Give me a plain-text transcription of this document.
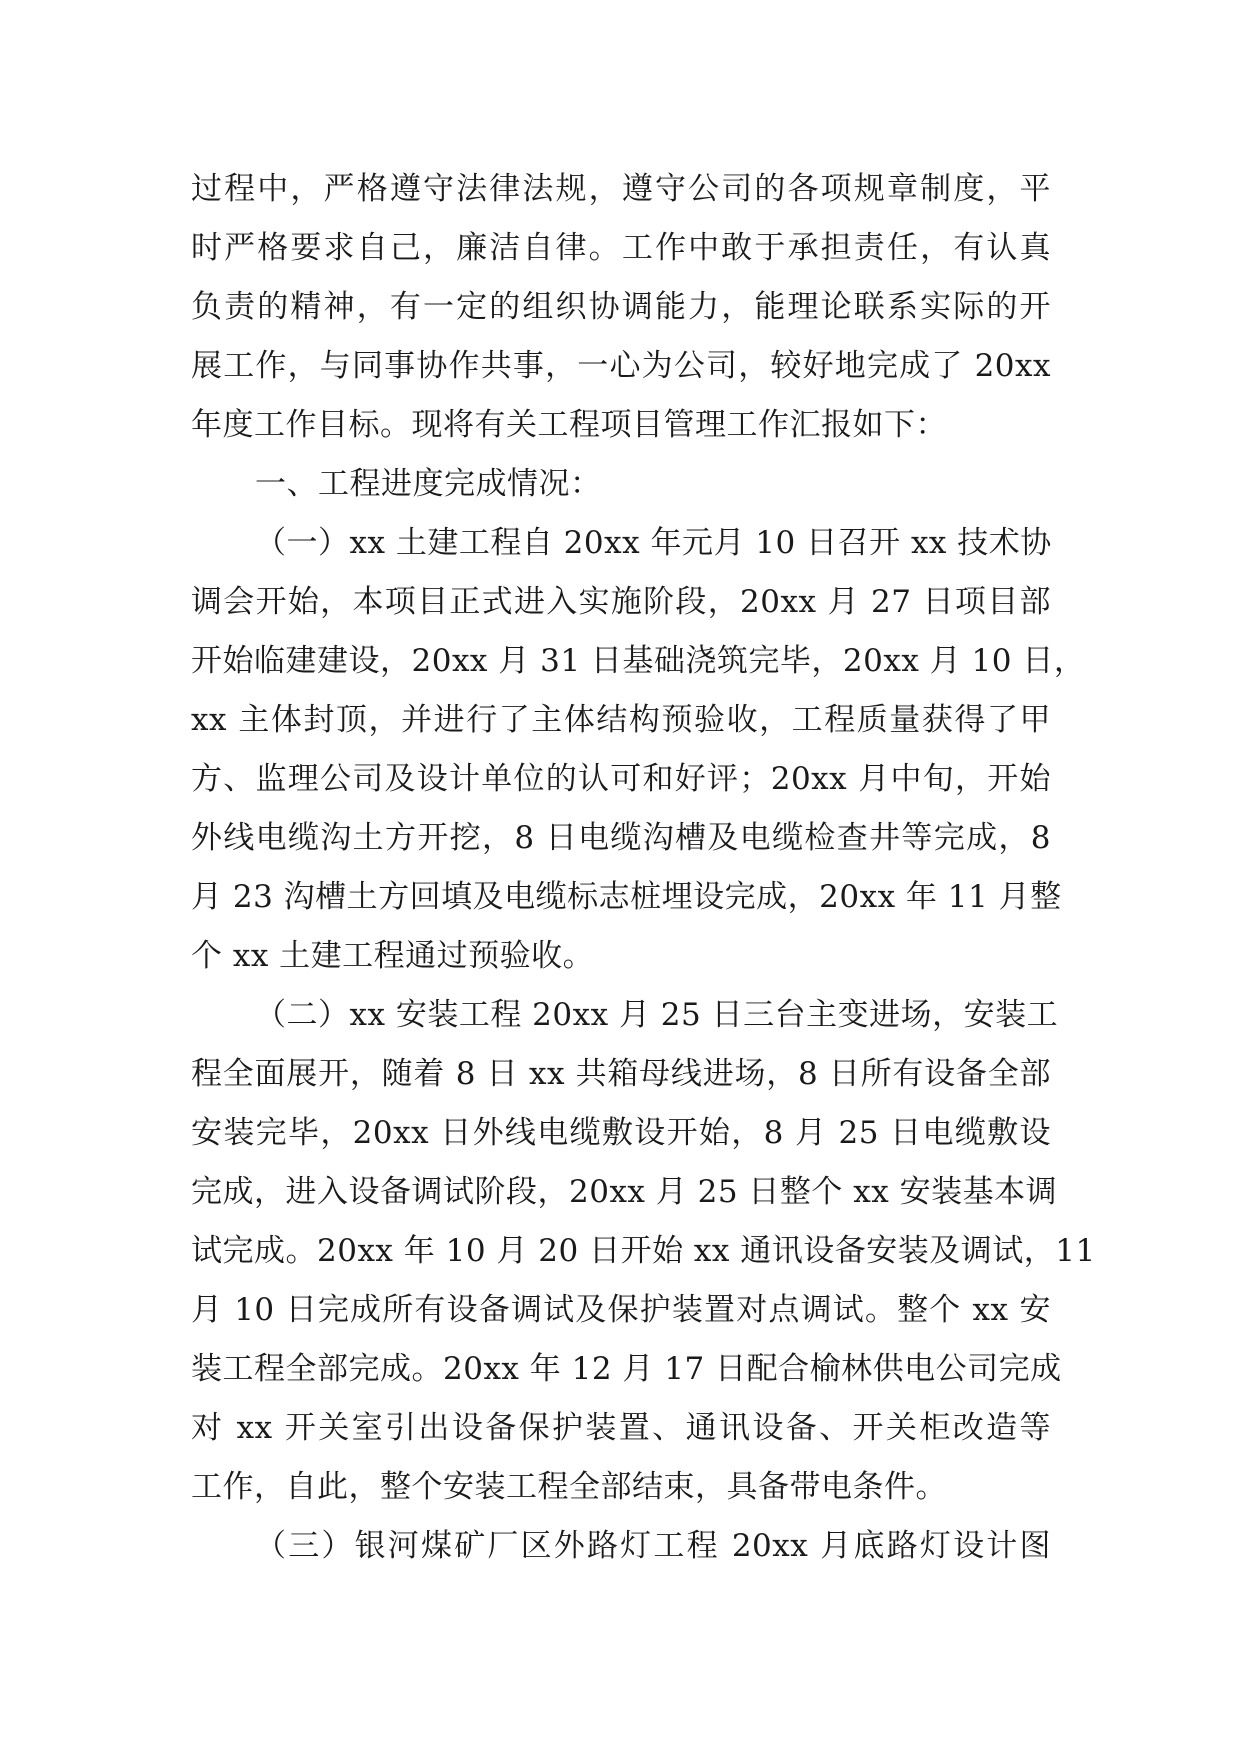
过程中，严格遵守法律法规，遵守公司的各项规章制度，平
时严格要求自己，廉洁自律。工作中敢于承担责任，有认真
负责的精神，有一定的组织协调能力，能理论联系实际的开
展工作，与同事协作共事，一心为公司，较好地完成了 20xx
年度工作目标。现将有关工程项目管理工作汇报如下：
一、工程进度完成情况：
（一）xx 土建工程自 20xx 年元月 10 日召开 xx 技术协
调会开始，本项目正式进入实施阶段，20xx 月 27 日项目部
开始临建建设，20xx 月 31 日基础浇筑完毕，20xx 月 10 日，
xx 主体封顶，并进行了主体结构预验收，工程质量获得了甲
方、监理公司及设计单位的认可和好评；20xx 月中旬，开始
外线电缆沟土方开挖，8 日电缆沟槽及电缆检查井等完成，8
月 23 沟槽土方回填及电缆标志桩埋设完成，20xx 年 11 月整
个 xx 土建工程通过预验收。
（二）xx 安装工程 20xx 月 25 日三台主变进场，安装工
程全面展开，随着 8 日 xx 共箱母线进场，8 日所有设备全部
安装完毕，20xx 日外线电缆敷设开始，8 月 25 日电缆敷设
完成，进入设备调试阶段，20xx 月 25 日整个 xx 安装基本调
试完成。20xx 年 10 月 20 日开始 xx 通讯设备安装及调试，11
月 10 日完成所有设备调试及保护装置对点调试。整个 xx 安
装工程全部完成。20xx 年 12 月 17 日配合榆林供电公司完成
对 xx 开关室引出设备保护装置、通讯设备、开关柜改造等
工作，自此，整个安装工程全部结束，具备带电条件。
（三）银河煤矿厂区外路灯工程 20xx 月底路灯设计图
